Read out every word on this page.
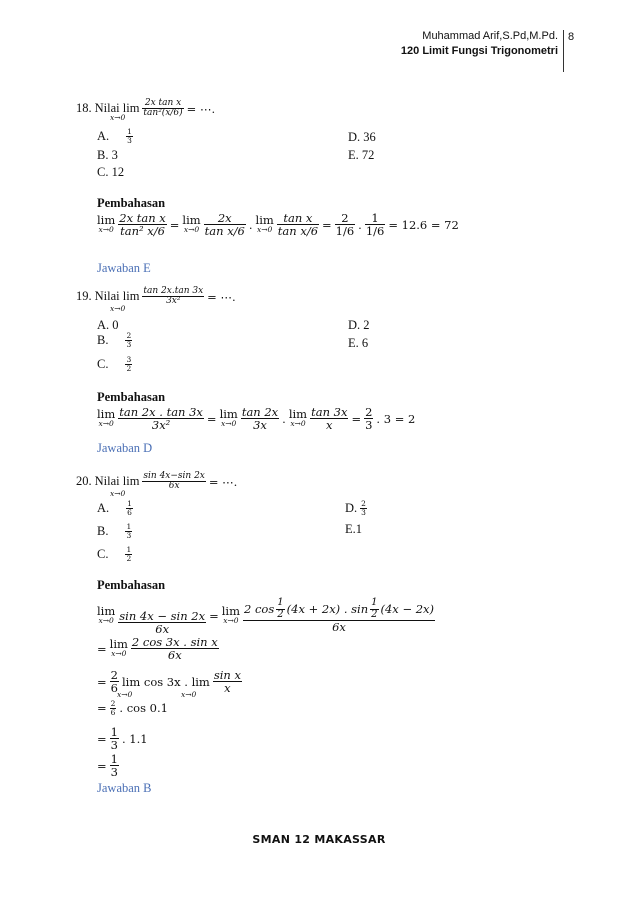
Muhammad Arif,S.Pd,M.Pd.
120 Limit Fungsi Trigonometri
8
18. Nilai $\lim \frac{\text{2x tan x}}{\text{tan²(x/6)}}$ = ⋯.
x→0
A. $\frac{1}{3}$
B. 3
C. 12
D. 36
E. 72
Pembahasan
lim
$x\to 0 \frac{\text{2x tan x}}{\text{tan² x/6}} = \lim$
$x\to 0 \frac{2x}{\text{tan x/6}}$ . lim
$x\to 0 \frac{\text{tan x}}{\text{tan x/6}} = \frac{2}{1/6}$ . $\frac{1}{1/6} = 12.6 = 72$
Jawaban E
19. Nilai $\lim \frac{\tan 2x.\tan 3x}{\text{3x²}}$ = ⋯.
x→0
A. 0
B. $\frac{2}{3}$
C. $\frac{3}{2}$
D. 2
E. 6
Pembahasan
lim
$x\to 0 \frac{\tan 2x . \tan 3x}{\text{3x²}} = \lim$
$x\to 0 \frac{\tan 2x}{3x}$ . lim
$x\to 0 \frac{\tan 3x}{x} = \frac{2}{3}$ . 3 = 2
Jawaban D
20. Nilai $\lim \frac{\sin 4x-\sin 2x}{6x}$ = ⋯.
x→0
A. $\frac{1}{6}$
B. $\frac{1}{3}$
C. $\frac{1}{2}$
D. $\frac{2}{3}$
E.1
Pembahasan
lim
$x\to 0 \frac{\sin 4x - \sin 2x}{6x} = \lim$
x→0
2 $\cos \frac{1}{2} (4x + 2x)$ . $\sin \frac{1}{2} (4x - 2x)$
6x
= lim
$x\to 0 \frac{\text{2 cos 3x . sin x}}{6x}$
= $\frac{2}{6}$ lim cos 3x . $\lim \frac{\text{sin x}}{x}$
x→0	x→0
= $\frac{2}{6}$ . cos 0.1
= $\frac{1}{3}$ . 1.1
= $\frac{1}{3}$
Jawaban B
SMAN 12 MAKASSAR
